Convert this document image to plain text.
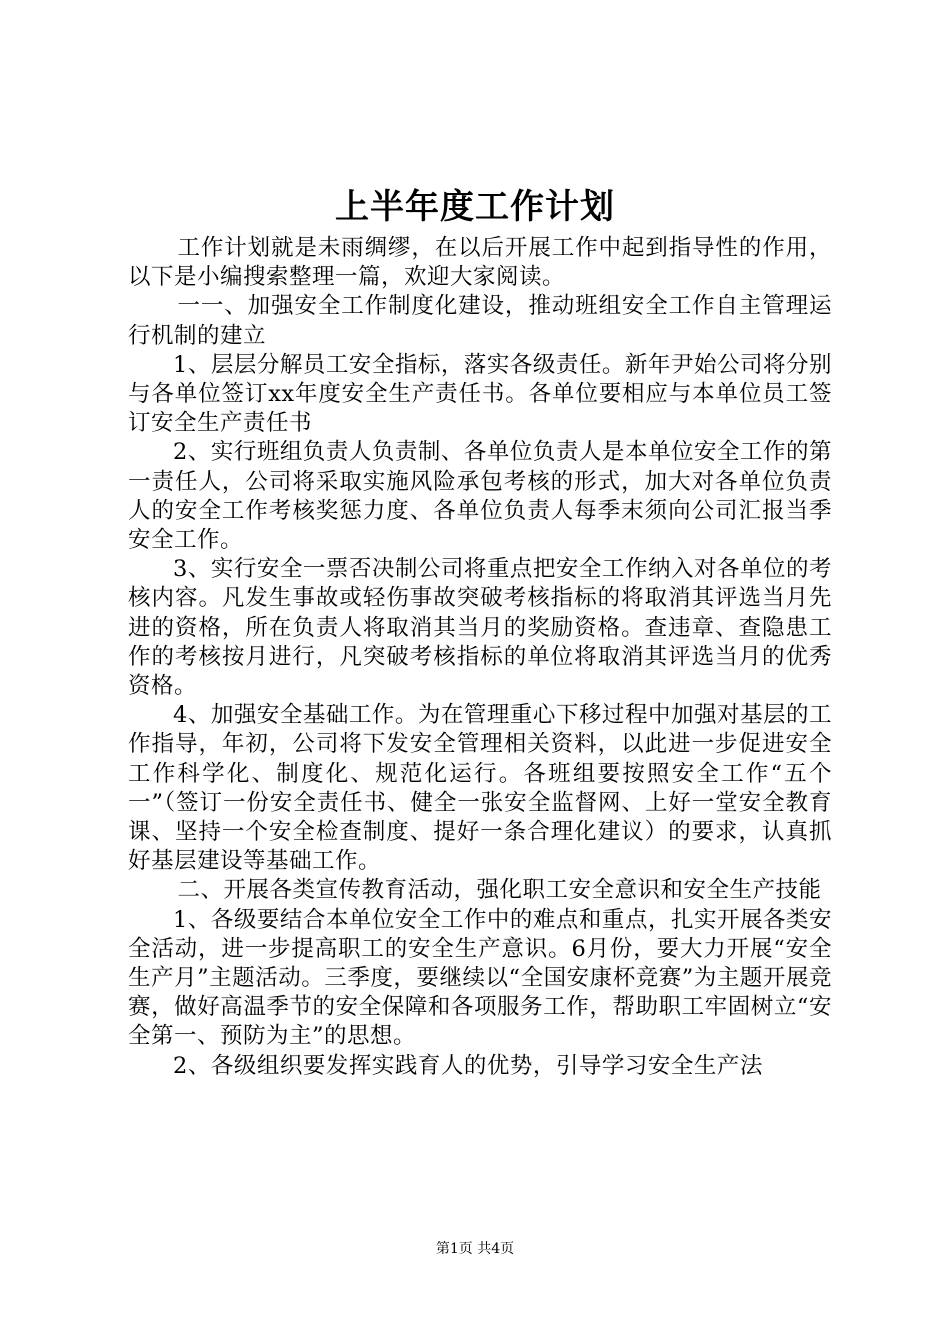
上半年度工作计划

工作计划就是未雨绸缪，在以后开展工作中起到指导性的作用，以下是小编搜索整理一篇，欢迎大家阅读。

一一、加强安全工作制度化建设，推动班组安全工作自主管理运行机制的建立

1、层层分解员工安全指标，落实各级责任。新年尹始公司将分别与各单位签订xx年度安全生产责任书。各单位要相应与本单位员工签订安全生产责任书

2、实行班组负责人负责制、各单位负责人是本单位安全工作的第一责任人，公司将采取实施风险承包考核的形式，加大对各单位负责人的安全工作考核奖惩力度、各单位负责人每季末须向公司汇报当季安全工作。

3、实行安全一票否决制公司将重点把安全工作纳入对各单位的考核内容。凡发生事故或轻伤事故突破考核指标的将取消其评选当月先进的资格，所在负责人将取消其当月的奖励资格。查违章、查隐患工作的考核按月进行，凡突破考核指标的单位将取消其评选当月的优秀资格。

4、加强安全基础工作。为在管理重心下移过程中加强对基层的工作指导，年初，公司将下发安全管理相关资料，以此进一步促进安全工作科学化、制度化、规范化运行。各班组要按照安全工作“五个一”（签订一份安全责任书、健全一张安全监督网、上好一堂安全教育课、坚持一个安全检查制度、提好一条合理化建议）的要求，认真抓好基层建设等基础工作。

二、开展各类宣传教育活动，强化职工安全意识和安全生产技能

1、各级要结合本单位安全工作中的难点和重点，扎实开展各类安全活动，进一步提高职工的安全生产意识。6月份，要大力开展“安全生产月”主题活动。三季度，要继续以“全国安康杯竞赛”为主题开展竞赛，做好高温季节的安全保障和各项服务工作，帮助职工牢固树立“安全第一、预防为主”的思想。

2、各级组织要发挥实践育人的优势，引导学习安全生产法

第1页 共4页
